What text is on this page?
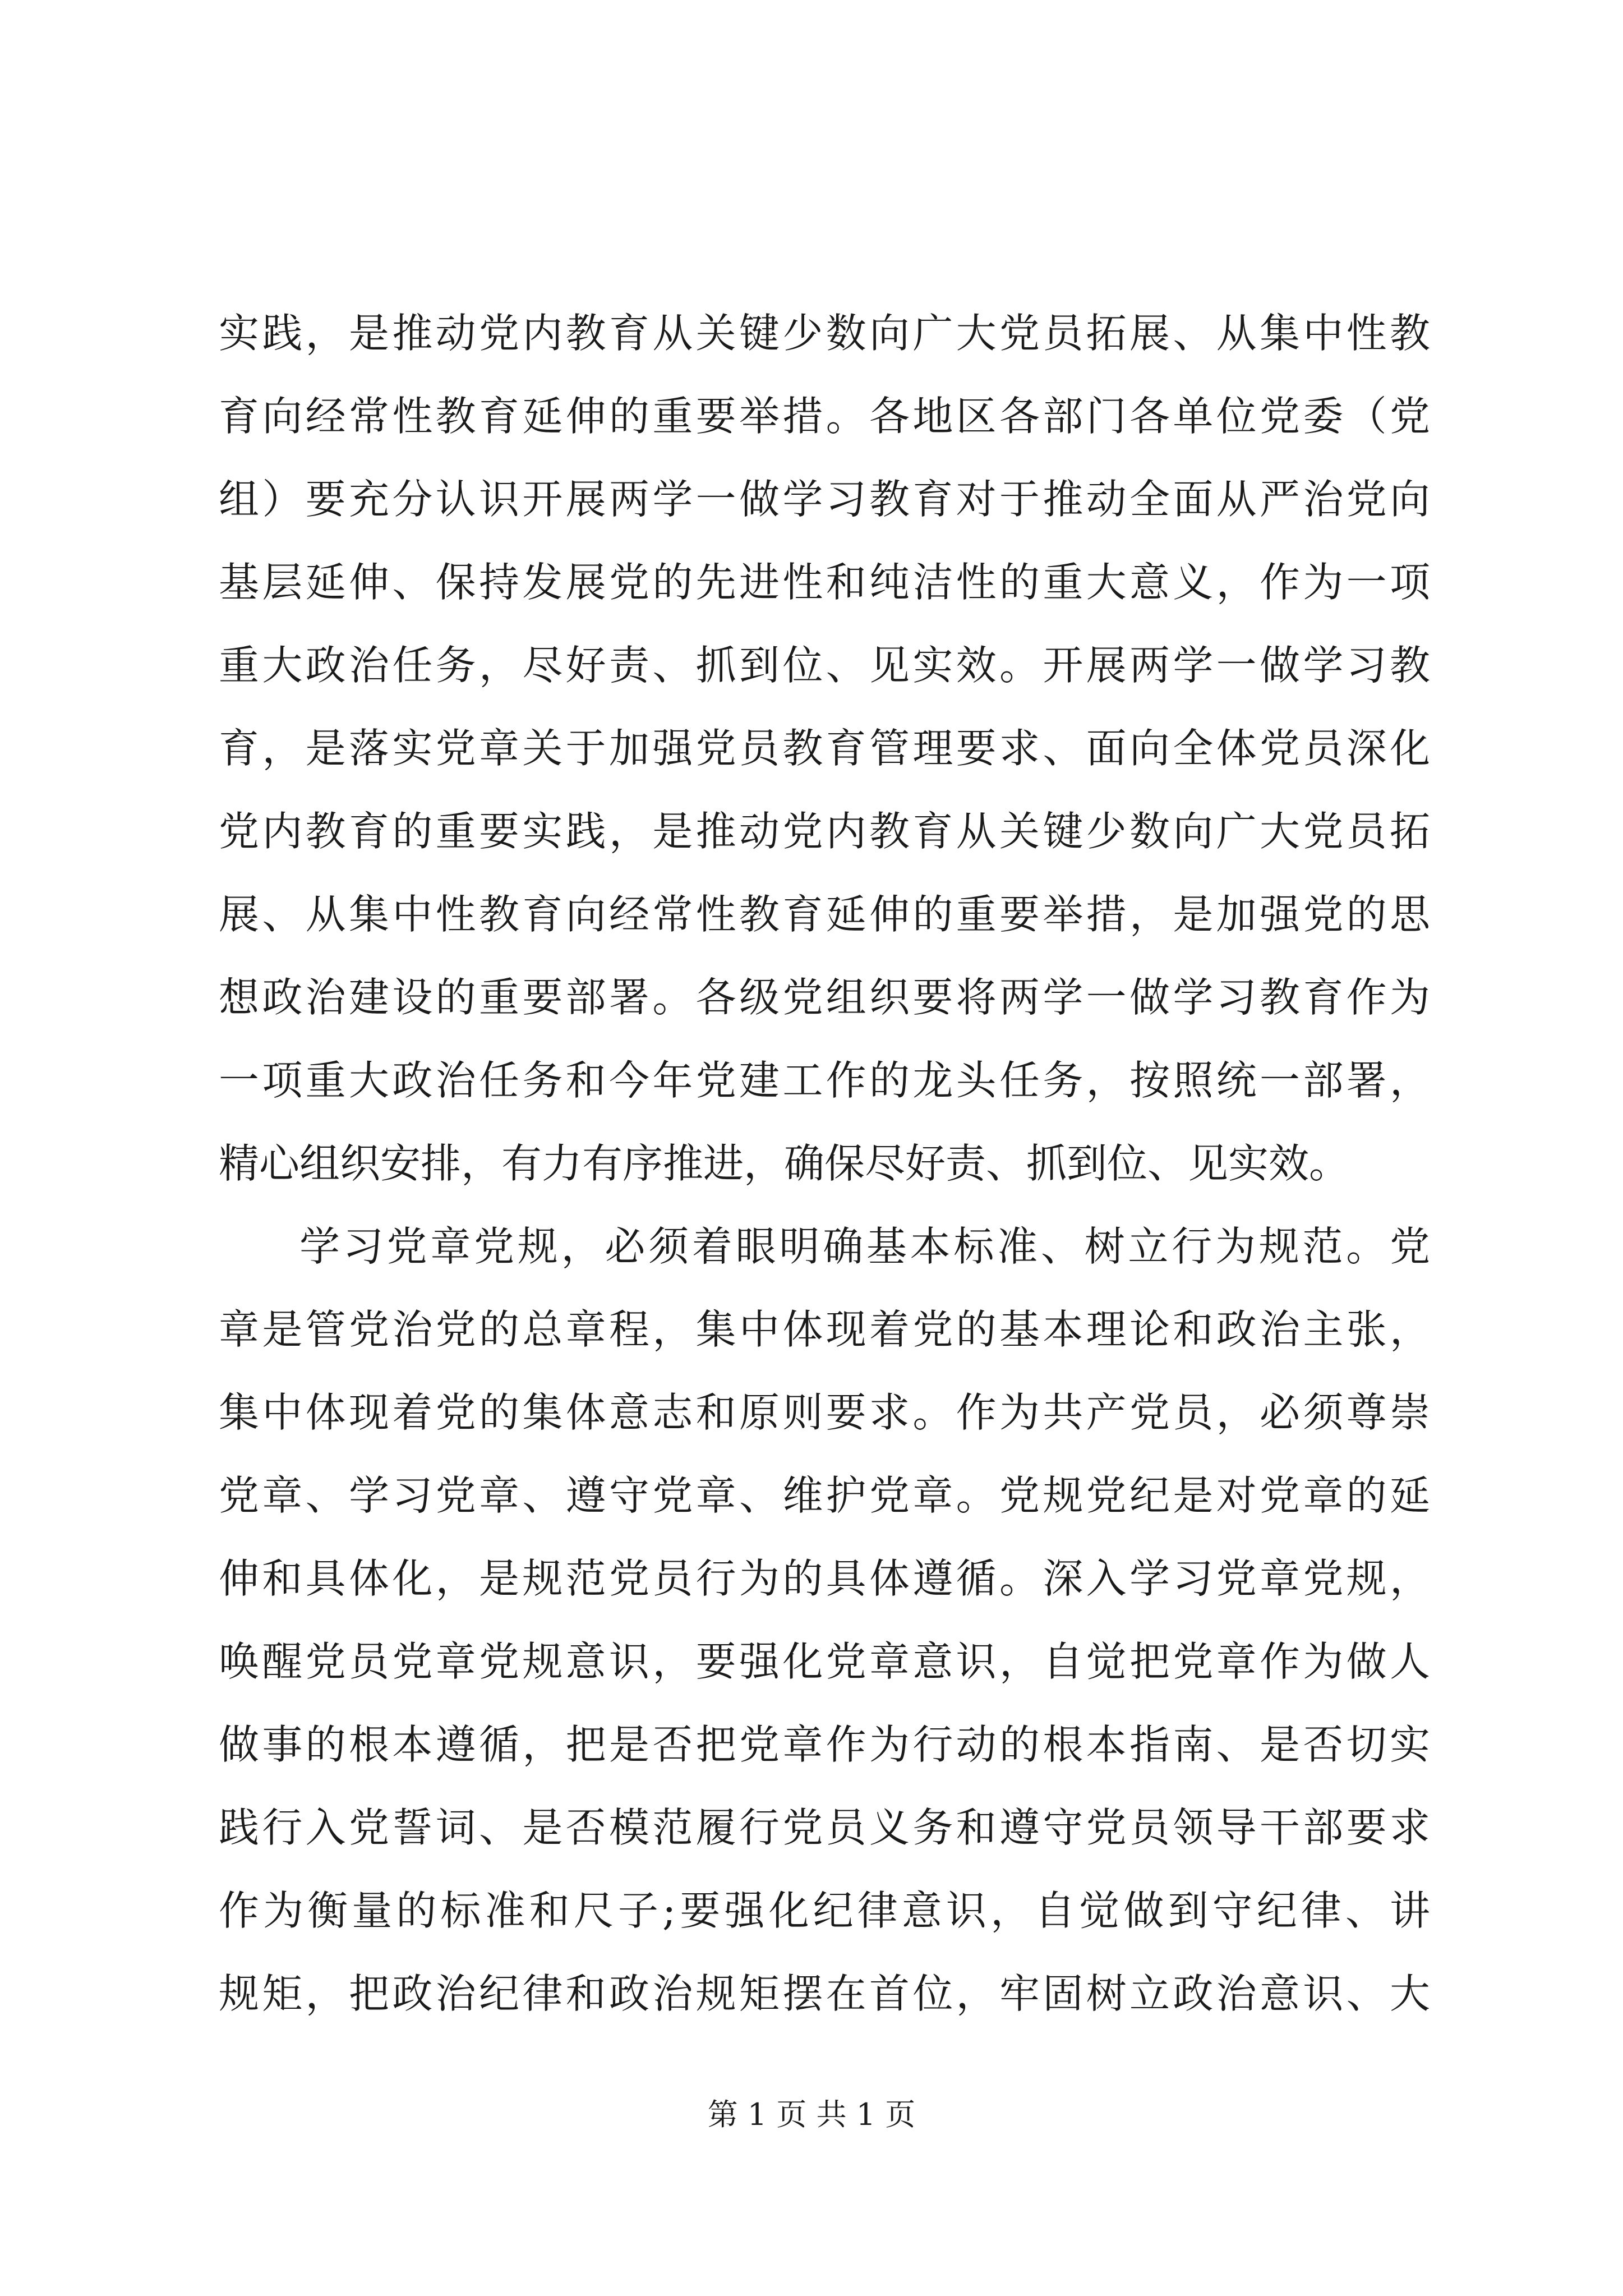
实践，是推动党内教育从关键少数向广大党员拓展、从集中性教
育向经常性教育延伸的重要举措。各地区各部门各单位党委（党
组）要充分认识开展两学一做学习教育对于推动全面从严治党向
基层延伸、保持发展党的先进性和纯洁性的重大意义，作为一项
重大政治任务，尽好责、抓到位、见实效。开展两学一做学习教
育，是落实党章关于加强党员教育管理要求、面向全体党员深化
党内教育的重要实践，是推动党内教育从关键少数向广大党员拓
展、从集中性教育向经常性教育延伸的重要举措，是加强党的思
想政治建设的重要部署。各级党组织要将两学一做学习教育作为
一项重大政治任务和今年党建工作的龙头任务，按照统一部署，
精心组织安排，有力有序推进，确保尽好责、抓到位、见实效。
学习党章党规，必须着眼明确基本标准、树立行为规范。党
章是管党治党的总章程，集中体现着党的基本理论和政治主张，
集中体现着党的集体意志和原则要求。作为共产党员，必须尊崇
党章、学习党章、遵守党章、维护党章。党规党纪是对党章的延
伸和具体化，是规范党员行为的具体遵循。深入学习党章党规，
唤醒党员党章党规意识，要强化党章意识，自觉把党章作为做人
做事的根本遵循，把是否把党章作为行动的根本指南、是否切实
践行入党誓词、是否模范履行党员义务和遵守党员领导干部要求
作为衡量的标准和尺子;要强化纪律意识，自觉做到守纪律、讲
规矩，把政治纪律和政治规矩摆在首位，牢固树立政治意识、大
第 1 页 共 1 页
